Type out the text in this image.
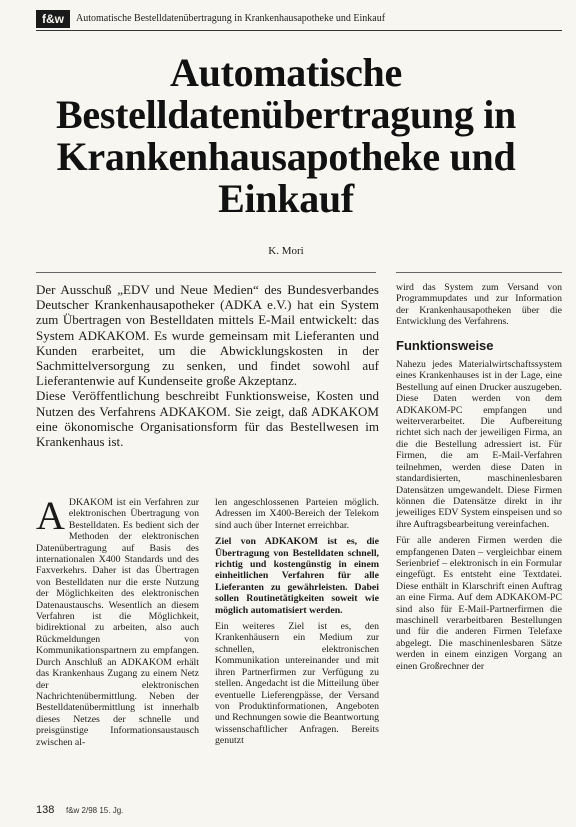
f&w	Automatische Bestelldatenübertragung in Krankenhausapotheke und Einkauf
Automatische Bestelldatenübertragung in Krankenhausapotheke und Einkauf
K. Mori

Der Ausschuß „EDV und Neue Medien“ des Bundesverbandes Deutscher Krankenhausapotheker (ADKA e.V.) hat ein System zum Übertragen von Bestelldaten mittels E-Mail entwickelt: das System ADKAKOM. Es wurde gemeinsam mit Lieferanten und Kunden erarbeitet, um die Abwicklungskosten in der Sachmittelversorgung zu senken, und findet sowohl auf Lieferantenwie auf Kundenseite große Akzeptanz.

Diese Veröffentlichung beschreibt Funktionsweise, Kosten und Nutzen des Verfahrens ADKAKOM. Sie zeigt, daß ADKAKOM eine ökonomische Organisationsform für das Bestellwesen im Krankenhaus ist.

ADKAKOM ist ein Verfahren zur elektronischen Übertragung von Bestelldaten. Es bedient sich der Methoden der elektronischen Datenübertragung auf Basis des internationalen X400 Standards und des Faxverkehrs. Daher ist das Übertragen von Bestelldaten nur die erste Nutzung der Möglichkeiten des elektronischen Datenaustauschs. Wesentlich an diesem Verfahren ist die Möglichkeit, bidirektional zu arbeiten, also auch Rückmeldungen von Kommunikationspartnern zu empfangen. Durch Anschluß an ADKAKOM erhält das Krankenhaus Zugang zu einem Netz der elektronischen Nachrichtenübermittlung. Neben der Bestelldatenübermittlung ist innerhalb dieses Netzes der schnelle und preisgünstige Informationsaustausch zwischen al-

len angeschlossenen Parteien möglich. Adressen im X400-Bereich der Telekom sind auch über Internet erreichbar.

Ziel von ADKAKOM ist es, die Übertragung von Bestelldaten schnell, richtig und kostengünstig in einem einheitlichen Verfahren für alle Lieferanten zu gewährleisten. Dabei sollen Routinetätigkeiten soweit wie möglich automatisiert werden.

Ein weiteres Ziel ist es, den Krankenhäusern ein Medium zur schnellen, elektronischen Kommunikation untereinander und mit ihren Partnerfirmen zur Verfügung zu stellen. Angedacht ist die Mitteilung über eventuelle Lieferengpässe, der Versand von Produktinformationen, Angeboten und Rechnungen sowie die Beantwortung wissenschaftlicher Anfragen. Bereits genutzt

wird das System zum Versand von Programmupdates und zur Information der Krankenhausapotheken über die Entwicklung des Verfahrens.

Funktionsweise

Nahezu jedes Materialwirtschaftssystem eines Krankenhauses ist in der Lage, eine Bestellung auf einen Drucker auszugeben. Diese Daten werden von dem ADKAKOM-PC empfangen und weiterverarbeitet. Die Aufbereitung richtet sich nach der jeweiligen Firma, an die die Bestellung adressiert ist. Für Firmen, die am E-Mail-Verfahren teilnehmen, werden diese Daten in standardisierten, maschinenlesbaren Datensätzen umgewandelt. Diese Firmen können die Datensätze direkt in ihr jeweiliges EDV System einspeisen und so ihre Auftragsbearbeitung vereinfachen.

Für alle anderen Firmen werden die empfangenen Daten – vergleichbar einem Serienbrief – elektronisch in ein Formular eingefügt. Es entsteht eine Textdatei. Diese enthält in Klarschrift einen Auftrag an eine Firma. Auf dem ADKAKOM-PC sind also für E-Mail-Partnerfirmen die maschinell verarbeitbaren Bestellungen und für die anderen Firmen Telefaxe abgelegt. Die maschinenlesbaren Sätze werden in einem einzigen Vorgang an einen Großrechner der

138 f&w 2/98 15. Jg.
